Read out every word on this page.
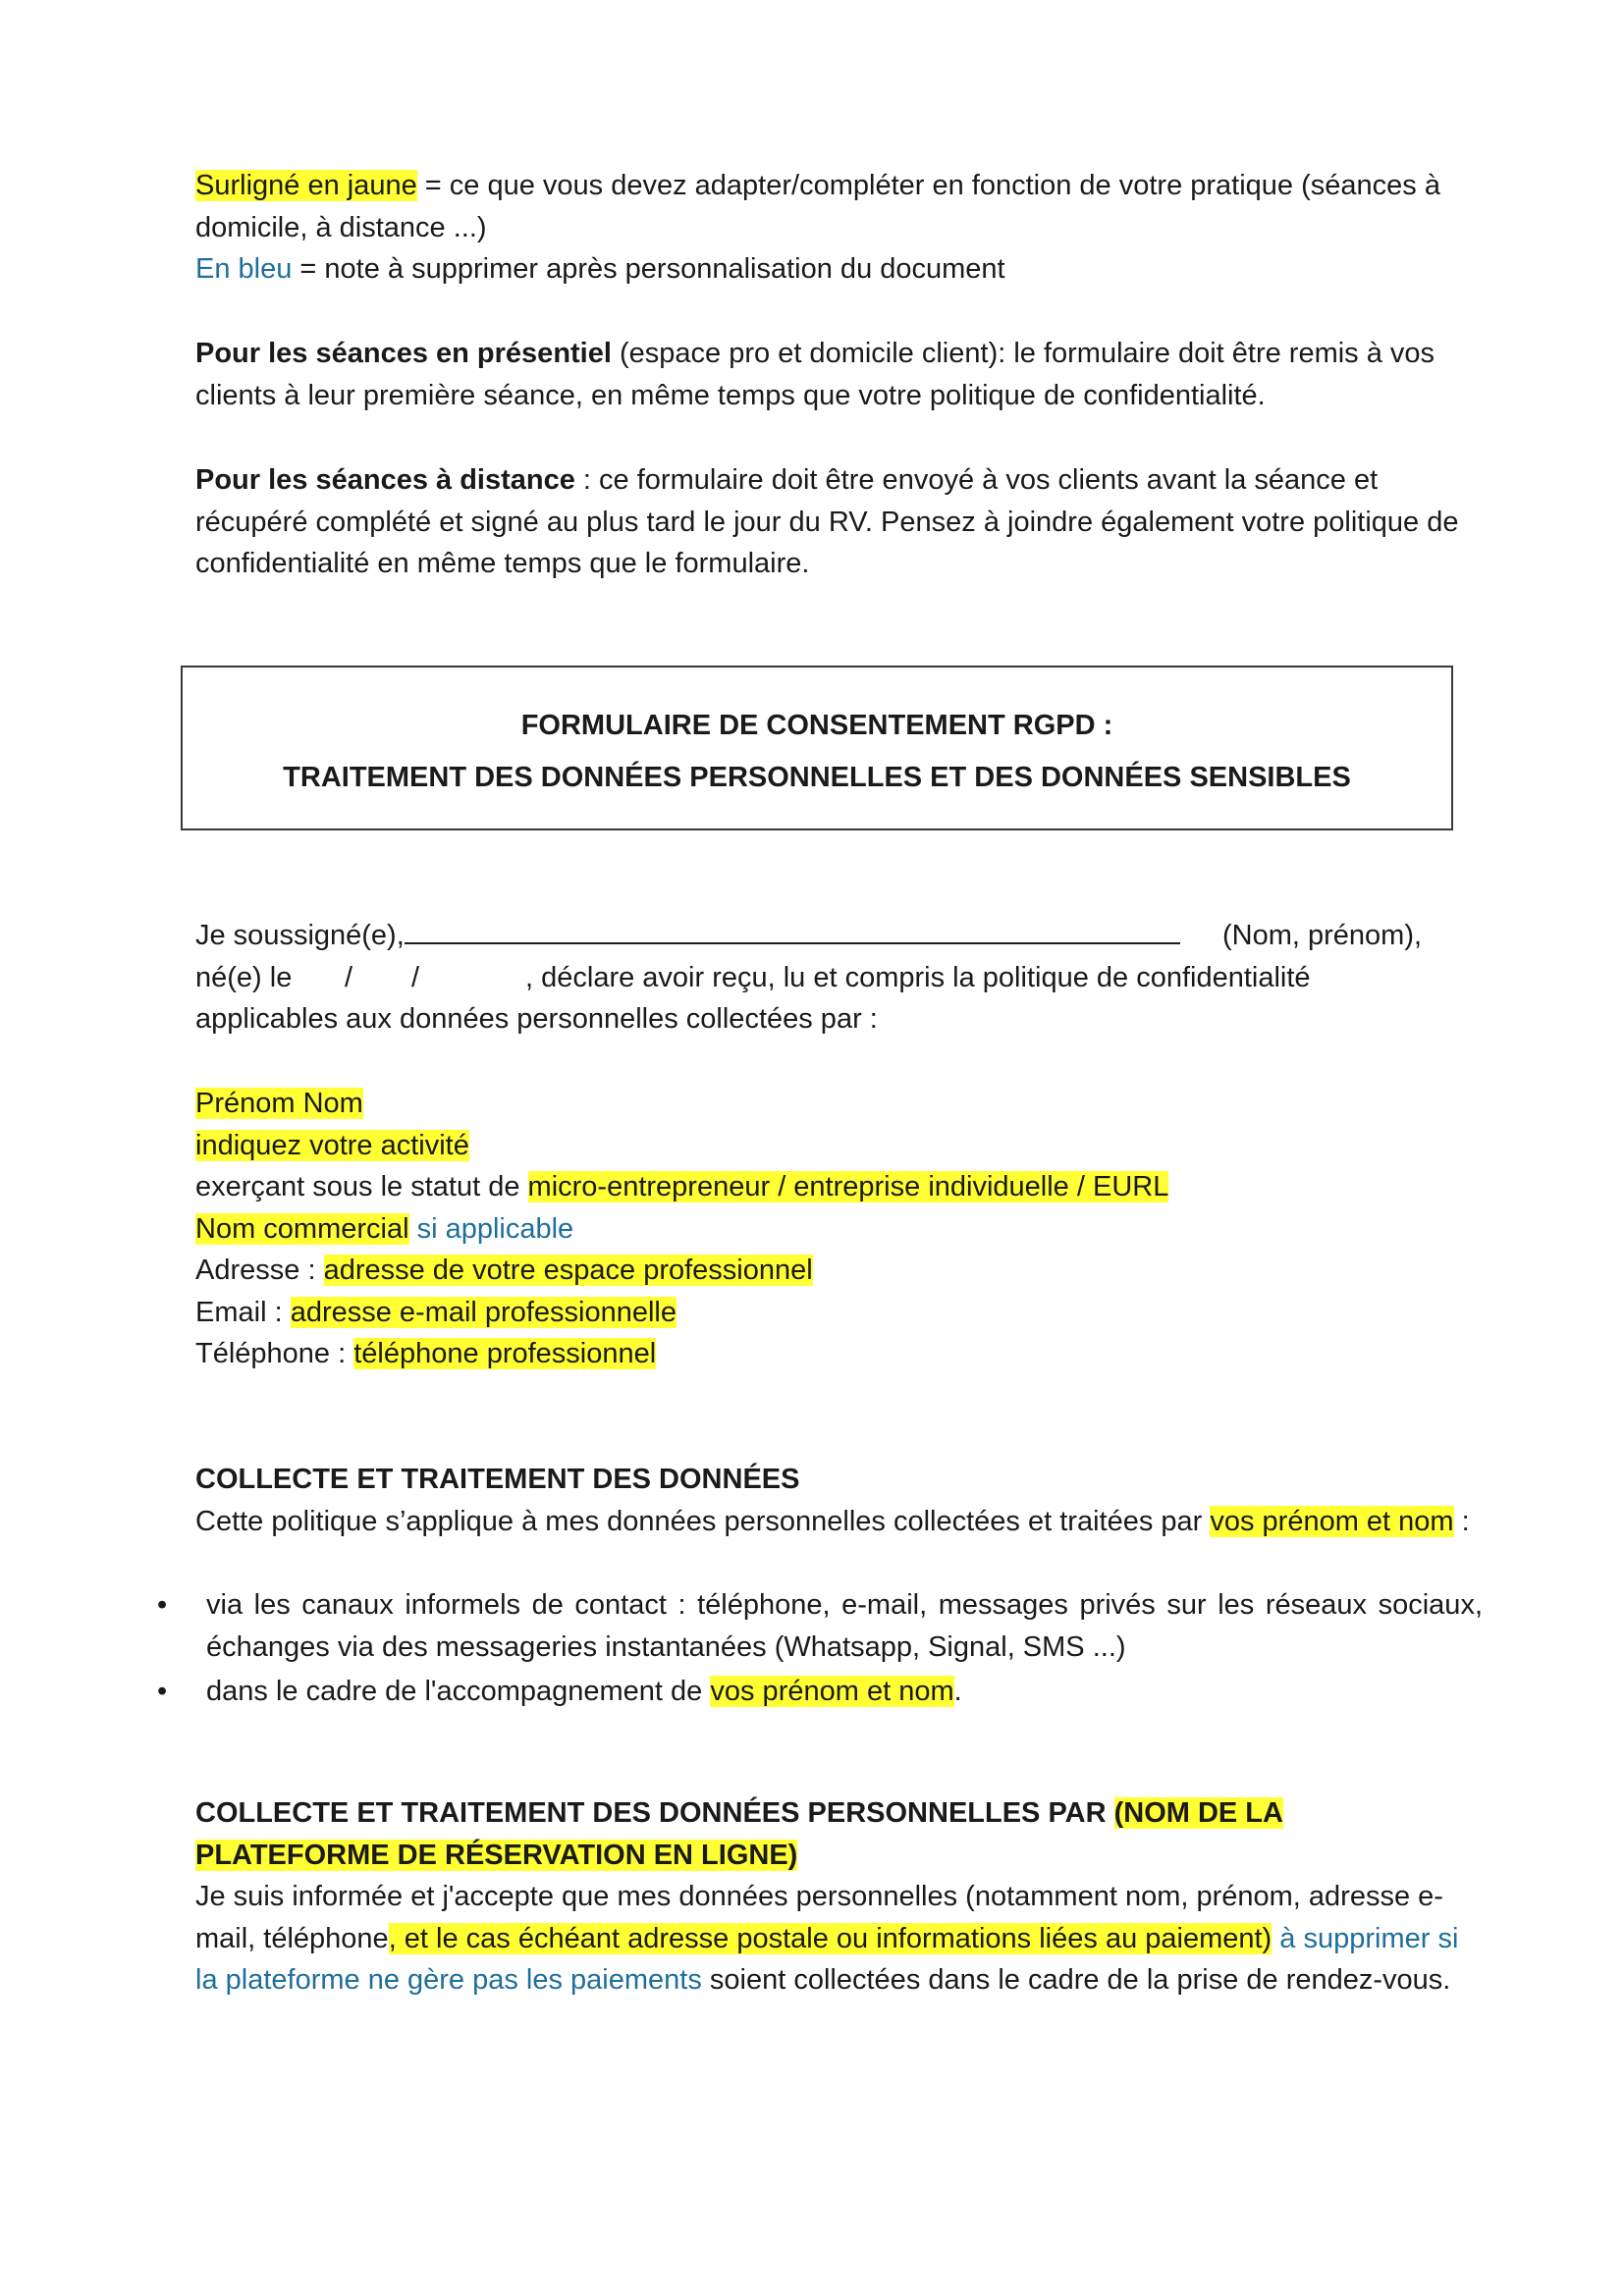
Surligné en jaune = ce que vous devez adapter/compléter en fonction de votre pratique (séances à domicile, à distance ...)
En bleu = note à supprimer après personnalisation du document

Pour les séances en présentiel (espace pro et domicile client): le formulaire doit être remis à vos clients à leur première séance, en même temps que votre politique de confidentialité.

Pour les séances à distance : ce formulaire doit être envoyé à vos clients avant la séance et récupéré complété et signé au plus tard le jour du RV. Pensez à joindre également votre politique de confidentialité en même temps que le formulaire.

FORMULAIRE DE CONSENTEMENT RGPD :
TRAITEMENT DES DONNÉES PERSONNELLES ET DES DONNÉES SENSIBLES
Je soussigné(e),	(Nom, prénom),
né(e) le / /	, déclare avoir reçu, lu et compris la politique de confidentialité
applicables aux données personnelles collectées par :
Prénom Nom
indiquez votre activité
exerçant sous le statut de micro-entrepreneur / entreprise individuelle / EURL
Nom commercial si applicable
Adresse : adresse de votre espace professionnel
Email : adresse e-mail professionnelle
Téléphone : téléphone professionnel
COLLECTE ET TRAITEMENT DES DONNÉES

Cette politique s’applique à mes données personnelles collectées et traitées par vos prénom et nom :

•	via les canaux informels de contact : téléphone, e-mail, messages privés sur les réseaux sociaux, échanges via des messageries instantanées (Whatsapp, Signal, SMS ...)
•	dans le cadre de l'accompagnement de vos prénom et nom.
COLLECTE ET TRAITEMENT DES DONNÉES PERSONNELLES PAR (NOM DE LA PLATEFORME DE RÉSERVATION EN LIGNE)

Je suis informée et j'accepte que mes données personnelles (notamment nom, prénom, adresse e-mail, téléphone, et le cas échéant adresse postale ou informations liées au paiement) à supprimer si la plateforme ne gère pas les paiements soient collectées dans le cadre de la prise de rendez-vous.
